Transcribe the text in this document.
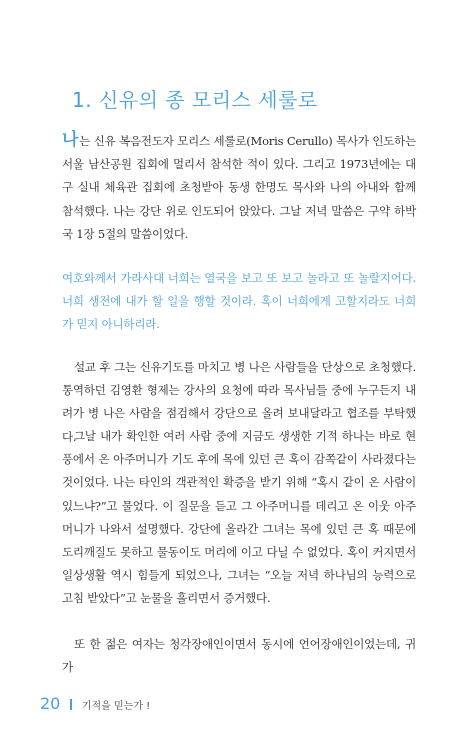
1. 신유의 종 모리스 세룰로

나는 신유 복음전도자 모리스 세룰로(Moris Cerullo) 목사가 인도하는 서울 남산공원 집회에 멀리서 참석한 적이 있다. 그리고 1973년에는 대구 실내 체육관 집회에 초청받아 동생 한명도 목사와 나의 아내와 함께 참석했다. 나는 강단 위로 인도되어 앉았다. 그날 저녁 말씀은 구약 하박국 1장 5절의 말씀이었다.

여호와께서 가라사대 너희는 열국을 보고 또 보고 놀라고 또 놀랄지어다. 너희 생전에 내가 할 일을 행할 것이라. 혹이 너희에게 고할지라도 너희가 믿지 아니하리라.

설교 후 그는 신유기도를 마치고 병 나은 사람들을 단상으로 초청했다. 통역하던 김영환 형제는 강사의 요청에 따라 목사님들 중에 누구든지 내려가 병 나은 사람을 점검해서 강단으로 올려 보내달라고 협조를 부탁했다.

그날 내가 확인한 여러 사람 중에 지금도 생생한 기적 하나는 바로 현풍에서 온 아주머니가 기도 후에 목에 있던 큰 혹이 감쪽같이 사라졌다는 것이었다. 나는 타인의 객관적인 확증을 받기 위해 “혹시 같이 온 사람이 있느냐?”고 물었다. 이 질문을 듣고 그 아주머니를 데리고 온 이웃 아주머니가 나와서 설명했다. 강단에 올라간 그녀는 목에 있던 큰 혹 때문에 도리깨질도 못하고 물동이도 머리에 이고 다닐 수 없었다. 혹이 커지면서 일상생활 역시 힘들게 되었으나, 그녀는 “오늘 저녁 하나님의 능력으로 고침 받았다”고 눈물을 흘리면서 증거했다.

또 한 젊은 여자는 청각장애인이면서 동시에 언어장애인이었는데, 귀가

20 기적을 믿는가 !
